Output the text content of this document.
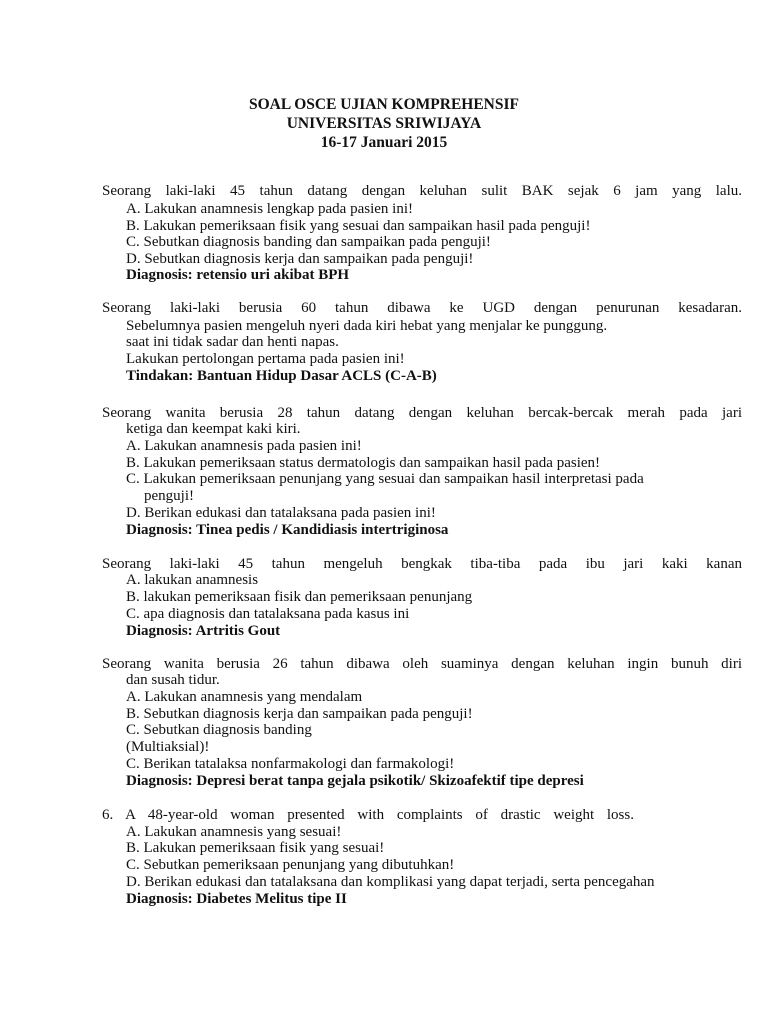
SOAL OSCE UJIAN KOMPREHENSIF
UNIVERSITAS SRIWIJAYA
16-17 Januari 2015
Seorang laki-laki 45 tahun datang dengan keluhan sulit BAK sejak 6 jam yang lalu.
A. Lakukan anamnesis lengkap pada pasien ini!
B. Lakukan pemeriksaan fisik yang sesuai dan sampaikan hasil pada penguji!
C. Sebutkan diagnosis banding dan sampaikan pada penguji!
D. Sebutkan diagnosis kerja dan sampaikan pada penguji!
Diagnosis: retensio uri akibat BPH
Seorang laki-laki berusia 60 tahun dibawa ke UGD dengan penurunan kesadaran.
Sebelumnya pasien mengeluh nyeri dada kiri hebat yang menjalar ke punggung.
saat ini tidak sadar dan henti napas.
Lakukan pertolongan pertama pada pasien ini!
Tindakan: Bantuan Hidup Dasar ACLS (C-A-B)
Seorang wanita berusia 28 tahun datang dengan keluhan bercak-bercak merah pada jari
ketiga dan keempat kaki kiri.
A. Lakukan anamnesis pada pasien ini!
B. Lakukan pemeriksaan status dermatologis dan sampaikan hasil pada pasien!
C. Lakukan pemeriksaan penunjang yang sesuai dan sampaikan hasil interpretasi pada
penguji!
D. Berikan edukasi dan tatalaksana pada pasien ini!
Diagnosis: Tinea pedis / Kandidiasis intertriginosa
Seorang laki-laki 45 tahun mengeluh bengkak tiba-tiba pada ibu jari kaki kanan
A. lakukan anamnesis
B. lakukan pemeriksaan fisik dan pemeriksaan penunjang
C. apa diagnosis dan tatalaksana pada kasus ini
Diagnosis: Artritis Gout
Seorang wanita berusia 26 tahun dibawa oleh suaminya dengan keluhan ingin bunuh diri
dan susah tidur.
A. Lakukan anamnesis yang mendalam
B. Sebutkan diagnosis kerja dan sampaikan pada penguji!
C. Sebutkan diagnosis banding
(Multiaksial)!
C. Berikan tatalaksa nonfarmakologi dan farmakologi!
Diagnosis: Depresi berat tanpa gejala psikotik/ Skizoafektif tipe depresi
6. A 48-year-old woman presented with complaints of drastic weight loss.
A. Lakukan anamnesis yang sesuai!
B. Lakukan pemeriksaan fisik yang sesuai!
C. Sebutkan pemeriksaan penunjang yang dibutuhkan!
D. Berikan edukasi dan tatalaksana dan komplikasi yang dapat terjadi, serta pencegahan
Diagnosis: Diabetes Melitus tipe II
